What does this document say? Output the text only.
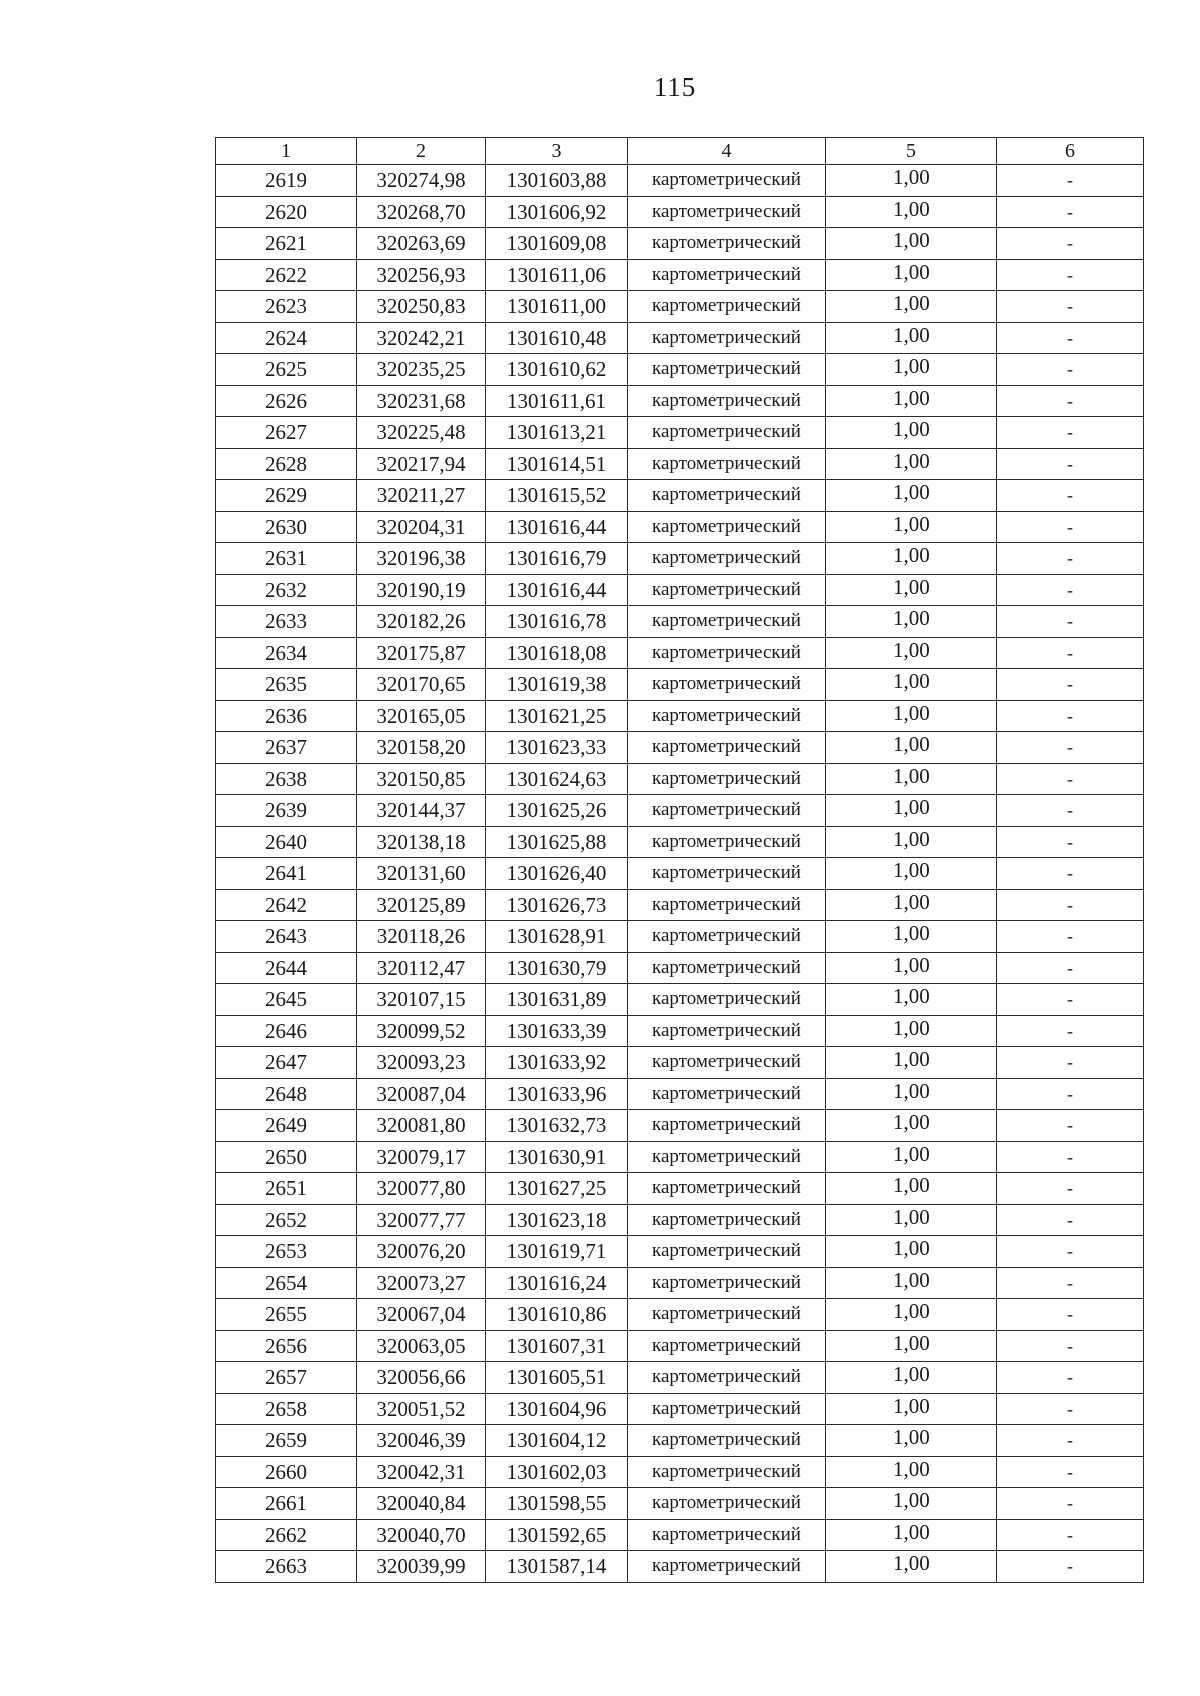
115
1	2	3	4	5	6
2619	320274,98	1301603,88	картометрический	1,00	-
2620	320268,70	1301606,92	картометрический	1,00	-
2621	320263,69	1301609,08	картометрический	1,00	-
2622	320256,93	1301611,06	картометрический	1,00	-
2623	320250,83	1301611,00	картометрический	1,00	-
2624	320242,21	1301610,48	картометрический	1,00	-
2625	320235,25	1301610,62	картометрический	1,00	-
2626	320231,68	1301611,61	картометрический	1,00	-
2627	320225,48	1301613,21	картометрический	1,00	-
2628	320217,94	1301614,51	картометрический	1,00	-
2629	320211,27	1301615,52	картометрический	1,00	-
2630	320204,31	1301616,44	картометрический	1,00	-
2631	320196,38	1301616,79	картометрический	1,00	-
2632	320190,19	1301616,44	картометрический	1,00	-
2633	320182,26	1301616,78	картометрический	1,00	-
2634	320175,87	1301618,08	картометрический	1,00	-
2635	320170,65	1301619,38	картометрический	1,00	-
2636	320165,05	1301621,25	картометрический	1,00	-
2637	320158,20	1301623,33	картометрический	1,00	-
2638	320150,85	1301624,63	картометрический	1,00	-
2639	320144,37	1301625,26	картометрический	1,00	-
2640	320138,18	1301625,88	картометрический	1,00	-
2641	320131,60	1301626,40	картометрический	1,00	-
2642	320125,89	1301626,73	картометрический	1,00	-
2643	320118,26	1301628,91	картометрический	1,00	-
2644	320112,47	1301630,79	картометрический	1,00	-
2645	320107,15	1301631,89	картометрический	1,00	-
2646	320099,52	1301633,39	картометрический	1,00	-
2647	320093,23	1301633,92	картометрический	1,00	-
2648	320087,04	1301633,96	картометрический	1,00	-
2649	320081,80	1301632,73	картометрический	1,00	-
2650	320079,17	1301630,91	картометрический	1,00	-
2651	320077,80	1301627,25	картометрический	1,00	-
2652	320077,77	1301623,18	картометрический	1,00	-
2653	320076,20	1301619,71	картометрический	1,00	-
2654	320073,27	1301616,24	картометрический	1,00	-
2655	320067,04	1301610,86	картометрический	1,00	-
2656	320063,05	1301607,31	картометрический	1,00	-
2657	320056,66	1301605,51	картометрический	1,00	-
2658	320051,52	1301604,96	картометрический	1,00	-
2659	320046,39	1301604,12	картометрический	1,00	-
2660	320042,31	1301602,03	картометрический	1,00	-
2661	320040,84	1301598,55	картометрический	1,00	-
2662	320040,70	1301592,65	картометрический	1,00	-
2663	320039,99	1301587,14	картометрический	1,00	-
